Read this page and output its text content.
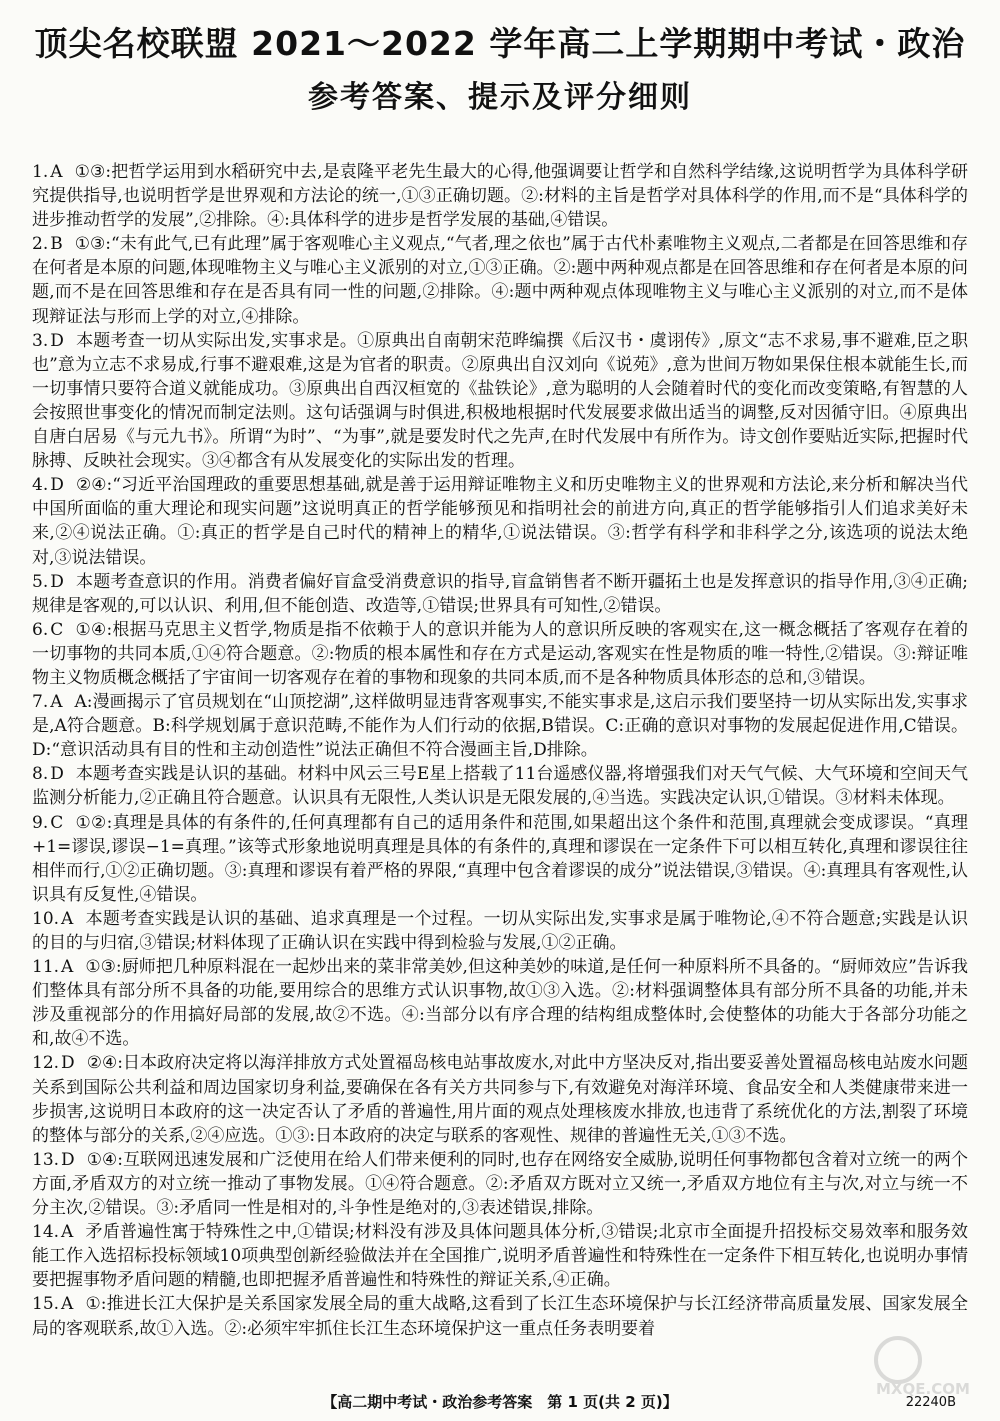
顶尖名校联盟 2021～2022 学年高二上学期期中考试・政治
参考答案、提示及评分细则

1. A ①③:把哲学运用到水稻研究中去,是袁隆平老先生最大的心得,他强调要让哲学和自然科学结缘,这说明哲学为具体科学研究提供指导,也说明哲学是世界观和方法论的统一,①③正确切题。②:材料的主旨是哲学对具体科学的作用,而不是“具体科学的进步推动哲学的发展”,②排除。④:具体科学的进步是哲学发展的基础,④错误。

2. B ①③:“未有此气,已有此理”属于客观唯心主义观点,“气者,理之依也”属于古代朴素唯物主义观点,二者都是在回答思维和存在何者是本原的问题,体现唯物主义与唯心主义派别的对立,①③正确。②:题中两种观点都是在回答思维和存在何者是本原的问题,而不是在回答思维和存在是否具有同一性的问题,②排除。④:题中两种观点体现唯物主义与唯心主义派别的对立,而不是体现辩证法与形而上学的对立,④排除。

3. D 本题考查一切从实际出发,实事求是。①原典出自南朝宋范晔编撰《后汉书・虞诩传》,原文“志不求易,事不避难,臣之职也”意为立志不求易成,行事不避艰难,这是为官者的职责。②原典出自汉刘向《说苑》,意为世间万物如果保住根本就能生长,而一切事情只要符合道义就能成功。③原典出自西汉桓宽的《盐铁论》,意为聪明的人会随着时代的变化而改变策略,有智慧的人会按照世事变化的情况而制定法则。这句话强调与时俱进,积极地根据时代发展要求做出适当的调整,反对因循守旧。④原典出自唐白居易《与元九书》。所谓“为时”、“为事”,就是要发时代之先声,在时代发展中有所作为。诗文创作要贴近实际,把握时代脉搏、反映社会现实。③④都含有从发展变化的实际出发的哲理。

4. D ②④:“习近平治国理政的重要思想基础,就是善于运用辩证唯物主义和历史唯物主义的世界观和方法论,来分析和解决当代中国所面临的重大理论和现实问题”这说明真正的哲学能够预见和指明社会的前进方向,真正的哲学能够指引人们追求美好未来,②④说法正确。①:真正的哲学是自己时代的精神上的精华,①说法错误。③:哲学有科学和非科学之分,该选项的说法太绝对,③说法错误。

5. D 本题考查意识的作用。消费者偏好盲盒受消费意识的指导,盲盒销售者不断开疆拓土也是发挥意识的指导作用,③④正确;规律是客观的,可以认识、利用,但不能创造、改造等,①错误;世界具有可知性,②错误。

6. C ①④:根据马克思主义哲学,物质是指不依赖于人的意识并能为人的意识所反映的客观实在,这一概念概括了客观存在着的一切事物的共同本质,①④符合题意。②:物质的根本属性和存在方式是运动,客观实在性是物质的唯一特性,②错误。③:辩证唯物主义物质概念概括了宇宙间一切客观存在着的事物和现象的共同本质,而不是各种物质具体形态的总和,③错误。

7. A A:漫画揭示了官员规划在“山顶挖湖”,这样做明显违背客观事实,不能实事求是,这启示我们要坚持一切从实际出发,实事求是,A符合题意。B:科学规划属于意识范畴,不能作为人们行动的依据,B错误。C:正确的意识对事物的发展起促进作用,C错误。D:“意识活动具有目的性和主动创造性”说法正确但不符合漫画主旨,D排除。

8. D 本题考查实践是认识的基础。材料中风云三号E星上搭载了11台遥感仪器,将增强我们对天气气候、大气环境和空间天气监测分析能力,②正确且符合题意。认识具有无限性,人类认识是无限发展的,④当选。实践决定认识,①错误。③材料未体现。

9. C ①②:真理是具体的有条件的,任何真理都有自己的适用条件和范围,如果超出这个条件和范围,真理就会变成谬误。“真理+1=谬误,谬误−1=真理。”该等式形象地说明真理是具体的有条件的,真理和谬误在一定条件下可以相互转化,真理和谬误往往相伴而行,①②正确切题。③:真理和谬误有着严格的界限,“真理中包含着谬误的成分”说法错误,③错误。④:真理具有客观性,认识具有反复性,④错误。

10. A 本题考查实践是认识的基础、追求真理是一个过程。一切从实际出发,实事求是属于唯物论,④不符合题意;实践是认识的目的与归宿,③错误;材料体现了正确认识在实践中得到检验与发展,①②正确。

11. A ①③:厨师把几种原料混在一起炒出来的菜非常美妙,但这种美妙的味道,是任何一种原料所不具备的。“厨师效应”告诉我们整体具有部分所不具备的功能,要用综合的思维方式认识事物,故①③入选。②:材料强调整体具有部分所不具备的功能,并未涉及重视部分的作用搞好局部的发展,故②不选。④:当部分以有序合理的结构组成整体时,会使整体的功能大于各部分功能之和,故④不选。

12. D ②④:日本政府决定将以海洋排放方式处置福岛核电站事故废水,对此中方坚决反对,指出要妥善处置福岛核电站废水问题关系到国际公共利益和周边国家切身利益,要确保在各有关方共同参与下,有效避免对海洋环境、食品安全和人类健康带来进一步损害,这说明日本政府的这一决定否认了矛盾的普遍性,用片面的观点处理核废水排放,也违背了系统优化的方法,割裂了环境的整体与部分的关系,②④应选。①③:日本政府的决定与联系的客观性、规律的普遍性无关,①③不选。

13. D ①④:互联网迅速发展和广泛使用在给人们带来便利的同时,也存在网络安全威胁,说明任何事物都包含着对立统一的两个方面,矛盾双方的对立统一推动了事物发展。①④符合题意。②:矛盾双方既对立又统一,矛盾双方地位有主与次,对立与统一不分主次,②错误。③:矛盾同一性是相对的,斗争性是绝对的,③表述错误,排除。

14. A 矛盾普遍性寓于特殊性之中,①错误;材料没有涉及具体问题具体分析,③错误;北京市全面提升招投标交易效率和服务效能工作入选招标投标领域10项典型创新经验做法并在全国推广,说明矛盾普遍性和特殊性在一定条件下相互转化,也说明办事情要把握事物矛盾问题的精髓,也即把握矛盾普遍性和特殊性的辩证关系,④正确。

15. A ①:推进长江大保护是关系国家发展全局的重大战略,这看到了长江生态环境保护与长江经济带高质量发展、国家发展全局的客观联系,故①入选。②:必须牢牢抓住长江生态环境保护这一重点任务表明要着

MXQE.COM
【高二期中考试・政治参考答案　第 1 页(共 2 页)】	22240B
